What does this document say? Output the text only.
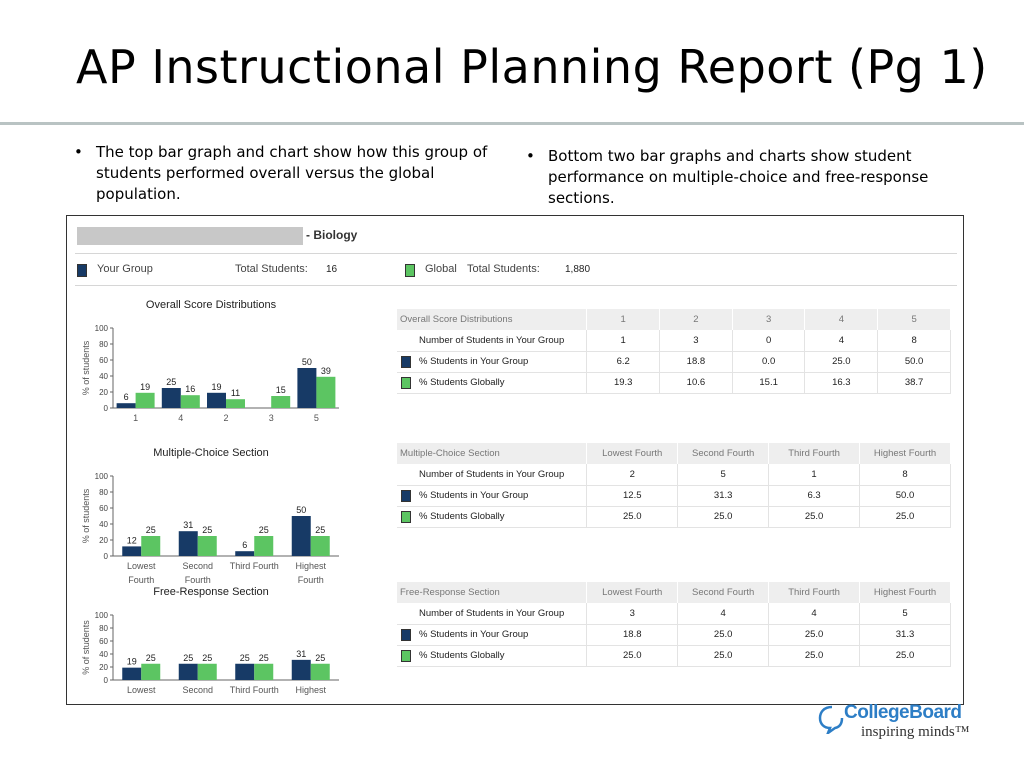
AP Instructional Planning Report (Pg 1)
• The top bar graph and chart show how this group of students performed overall versus the global population.
• Bottom two bar graphs and charts show student performance on multiple-choice and free-response sections.
- Biology
Your Group	Total Students: 16	Global Total Students:	1,880
Overall Score Distributions
% of students
0
20
40
60
80
100
6
19
1
25
16
4
19
11
2
15
3
50
39
5
Multiple-Choice Section
% of students
0
20
40
60
80
100
12
25
Lowest
Fourth
31 25
Second
Fourth
6
25
Third Fourth
50
25
Highest
Fourth
Free-Response Section
% of students
0
20
40
60
80
100
19 25
Lowest
25 25
Second
25 25
Third Fourth
31 25
Highest
Overall Score Distributions	1	2	3	4	5
Number of Students in Your Group	1	3	0	4	8

% Students in Your Group	6.2	18.8	0.0	25.0	50.0

% Students Globally	19.3	10.6	15.1	16.3	38.7
Multiple-Choice Section	Lowest Fourth	Second Fourth	Third Fourth	Highest Fourth
Number of Students in Your Group	2	5	1	8

% Students in Your Group	12.5	31.3	6.3	50.0

% Students Globally	25.0	25.0	25.0	25.0
Free-Response Section	Lowest Fourth	Second Fourth	Third Fourth	Highest Fourth
Number of Students in Your Group	3	4	4	5

% Students in Your Group	18.8	25.0	25.0	31.3

% Students Globally	25.0	25.0	25.0	25.0
CollegeBoard
inspiring minds™
